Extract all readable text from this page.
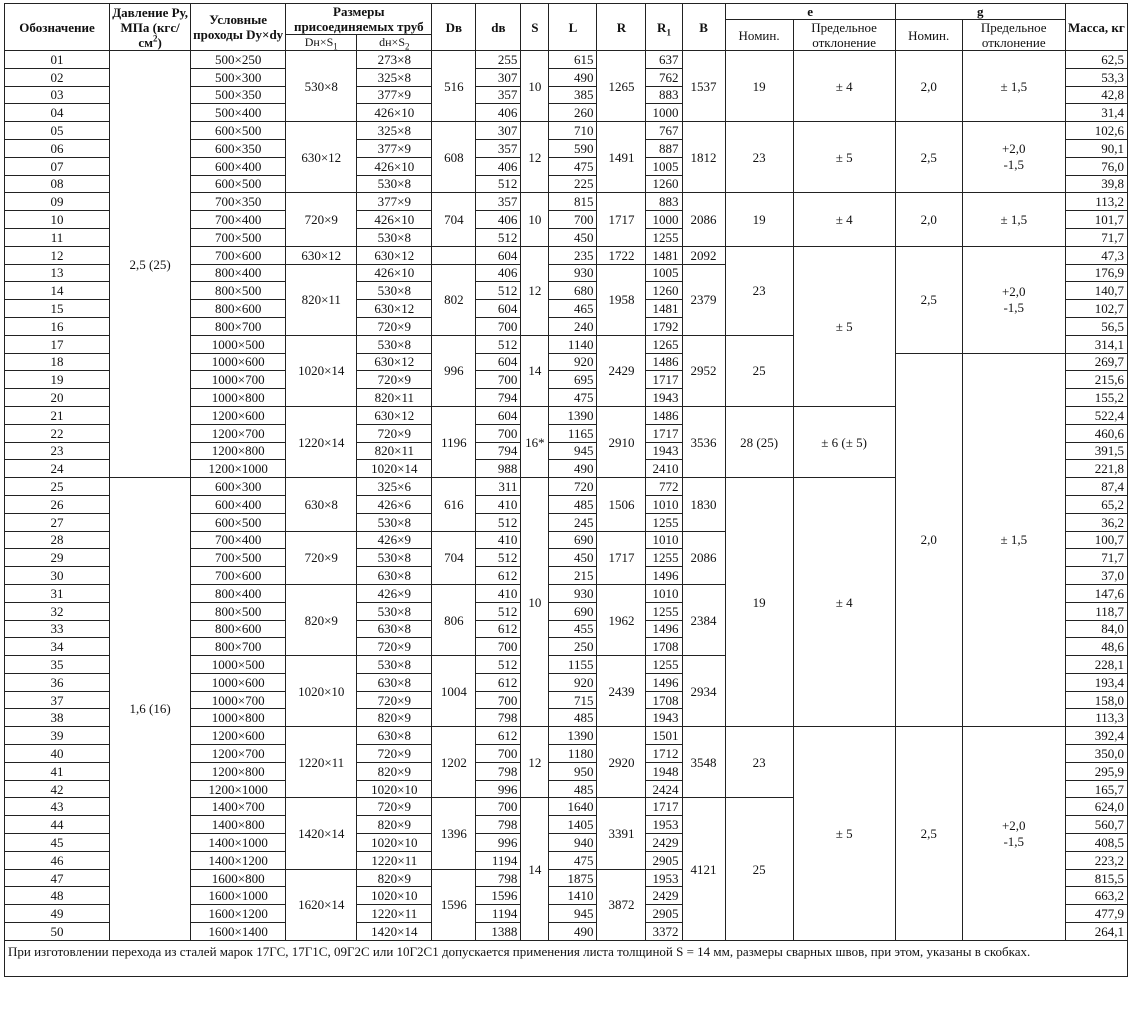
Обозначение	Давление Ру, МПа $(кгс/см^2)$	Условные проходы Dу×dу	Размеры присоединяемых труб		Dв	dв	S	L	R	$R_1$	B	e		g		Масса, кг
												Номин.	Предельное отклонение	Номин.	Предельное отклонение	
			$Dн\times S_1$	$dн\times S_2$
01	2,5 (25)	500×250	530×8	273×8	516	255	10	615	1265	637	1537	19	± 4	2,0	± 1,5	62,5
02		500×300		325×8		307		490		762						53,3
03		500×350		377×9		357		385		883						42,8
04		500×400		426×10		406		260		1000						31,4
05		600×500	630×12	325×8	608	307	12	710	1491	767	1812	23	± 5	2,5	+2,0
-1,5	102,6
06		600×350		377×9		357		590		887						90,1
07		600×400		426×10		406		475		1005						76,0
08		600×500		530×8		512		225		1260						39,8
09		700×350	720×9	377×9	704	357	10	815	1717	883	2086	19	± 4	2,0	± 1,5	113,2
10		700×400		426×10		406		700		1000						101,7
11		700×500		530×8		512		450		1255						71,7
12		700×600	630×12	630×12		604	12	235	1722	1481	2092	23	± 5	2,5	+2,0
-1,5	47,3
13		800×400	820×11	426×10	802	406		930	1958	1005	2379					176,9
14		800×500		530×8		512		680		1260						140,7
15		800×600		630×12		604		465		1481						102,7
16		800×700		720×9		700		240		1792						56,5
17		1000×500	1020×14	530×8	996	512	14	1140	2429	1265	2952	25				314,1
18		1000×600		630×12		604		920		1486				2,0	± 1,5	269,7
19		1000×700		720×9		700		695		1717						215,6
20		1000×800		820×11		794		475		1943						155,2
21		1200×600	1220×14	630×12	1196	604	16*	1390	2910	1486	3536	28 (25)	± 6 (± 5)			522,4
22		1200×700		720×9		700		1165		1717						460,6
23		1200×800		820×11		794		945		1943						391,5
24		1200×1000		1020×14		988		490		2410						221,8
25	1,6 (16)	600×300	630×8	325×6	616	311	10	720	1506	772	1830	19	± 4			87,4
26		600×400		426×6		410		485		1010						65,2
27		600×500		530×8		512		245		1255						36,2
28		700×400	720×9	426×9	704	410		690	1717	1010	2086					100,7
29		700×500		530×8		512		450		1255						71,7
30		700×600		630×8		612		215		1496						37,0
31		800×400	820×9	426×9	806	410		930	1962	1010	2384					147,6
32		800×500		530×8		512		690		1255						118,7
33		800×600		630×8		612		455		1496						84,0
34		800×700		720×9		700		250		1708						48,6
35		1000×500	1020×10	530×8	1004	512		1155	2439	1255	2934					228,1
36		1000×600		630×8		612		920		1496						193,4
37		1000×700		720×9		700		715		1708						158,0
38		1000×800		820×9		798		485		1943						113,3
39		1200×600	1220×11	630×8	1202	612	12	1390	2920	1501	3548	23	± 5	2,5	+2,0
-1,5	392,4
40		1200×700		720×9		700		1180		1712						350,0
41		1200×800		820×9		798		950		1948						295,9
42		1200×1000		1020×10		996		485		2424						165,7
43		1400×700	1420×14	720×9	1396	700	14	1640	3391	1717	4121	25				624,0
44		1400×800		820×9		798		1405		1953						560,7
45		1400×1000		1020×10		996		940		2429						408,5
46		1400×1200		1220×11		1194		475		2905						223,2
47		1600×800	1620×14	820×9	1596	798		1875	3872	1953						815,5
48		1600×1000		1020×10		1596		1410		2429						663,2
49		1600×1200		1220×11		1194		945		2905						477,9
50		1600×1400		1420×14		1388		490		3372						264,1
При изготовлении перехода из сталей марок 17ГС, 17Г1С, 09Г2С или 10Г2С1 допускается применения листа толщиной S = 14 мм, размеры сварных швов, при этом, указаны в скобках.
